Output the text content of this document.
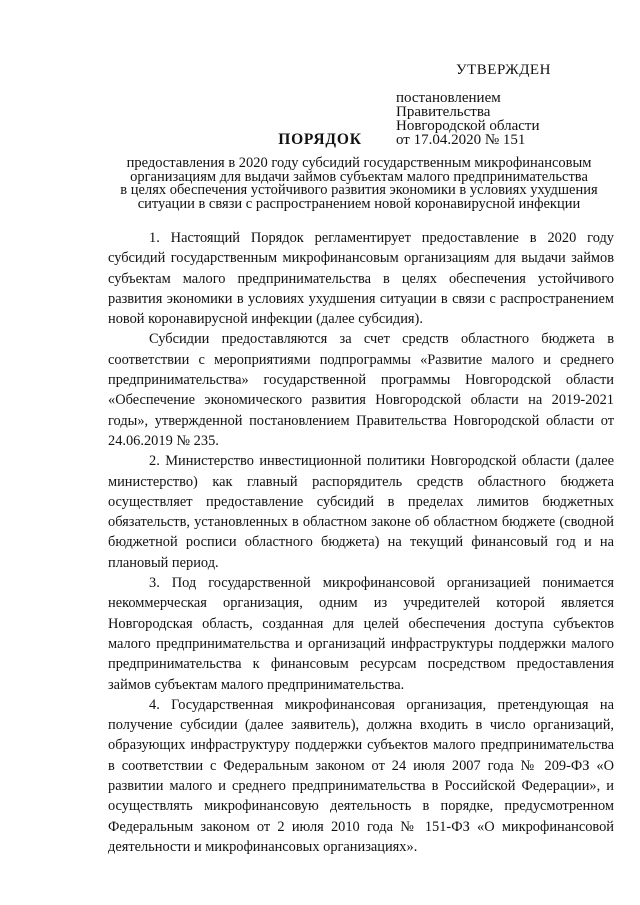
УТВЕРЖДЕН
постановлением Правительства
Новгородской области
от 17.04.2020 № 151
ПОРЯДОК
предоставления в 2020 году субсидий государственным микрофинансовым
организациям для выдачи займов субъектам малого предпринимательства
в целях обеспечения устойчивого развития экономики в условиях ухудшения
ситуации в связи с распространением новой коронавирусной инфекции

1. Настоящий Порядок регламентирует предоставление в 2020 году субсидий государственным микрофинансовым организациям для выдачи займов субъектам малого предпринимательства в целях обеспечения устойчивого развития экономики в условиях ухудшения ситуации в связи с распространением новой коронавирусной инфекции (далее субсидия).

Субсидии предоставляются за счет средств областного бюджета в соответствии с мероприятиями подпрограммы «Развитие малого и среднего предпринимательства» государственной программы Новгородской области «Обеспечение экономического развития Новгородской области на 2019-2021 годы», утвержденной постановлением Правительства Новгородской области от 24.06.2019 № 235.

2. Министерство инвестиционной политики Новгородской области (далее министерство) как главный распорядитель средств областного бюджета осуществляет предоставление субсидий в пределах лимитов бюджетных обязательств, установленных в областном законе об областном бюджете (сводной бюджетной росписи областного бюджета) на текущий финансовый год и на плановый период.

3. Под государственной микрофинансовой организацией понимается некоммерческая организация, одним из учредителей которой является Новгородская область, созданная для целей обеспечения доступа субъектов малого предпринимательства и организаций инфраструктуры поддержки малого предпринимательства к финансовым ресурсам посредством предоставления займов субъектам малого предпринимательства.

4. Государственная микрофинансовая организация, претендующая на получение субсидии (далее заявитель), должна входить в число организаций, образующих инфраструктуру поддержки субъектов малого предпринимательства в соответствии с Федеральным законом от 24 июля 2007 года № 209-ФЗ «О развитии малого и среднего предпринимательства в Российской Федерации», и осуществлять микрофинансовую деятельность в порядке, предусмотренном Федеральным законом от 2 июля 2010 года № 151-ФЗ «О микрофинансовой деятельности и микрофинансовых организациях».
